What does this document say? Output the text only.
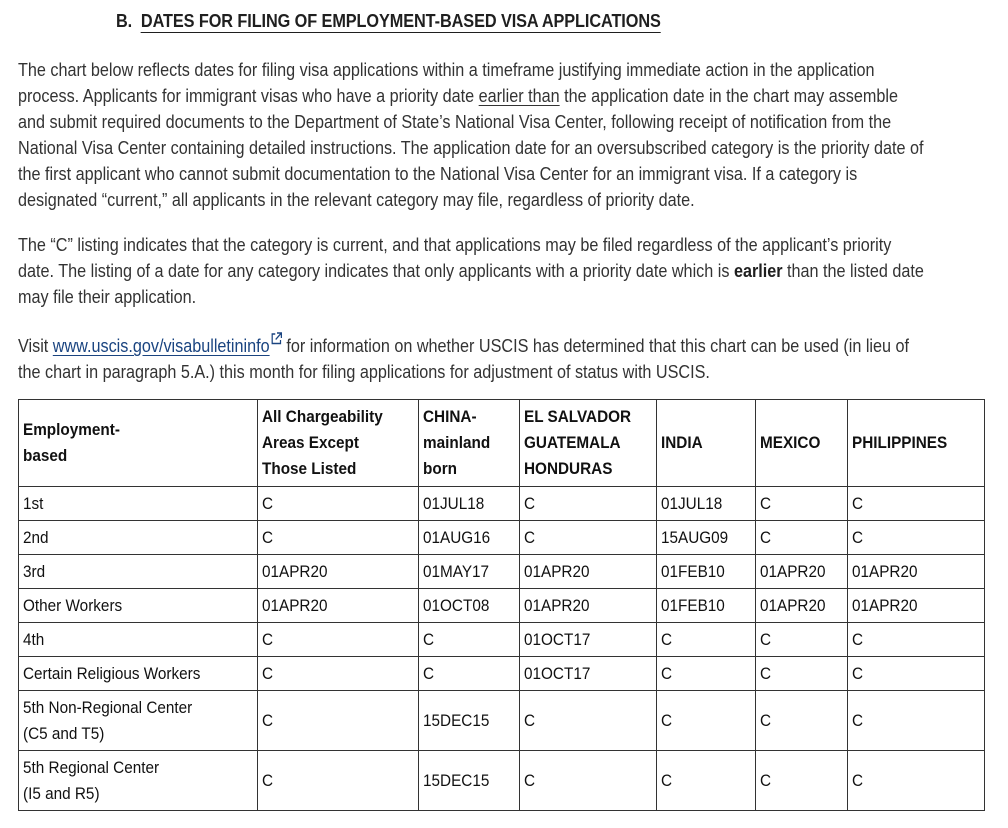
B. DATES FOR FILING OF EMPLOYMENT-BASED VISA APPLICATIONS

The chart below reflects dates for filing visa applications within a timeframe justifying immediate action in the application
process. Applicants for immigrant visas who have a priority date earlier than the application date in the chart may assemble
and submit required documents to the Department of State’s National Visa Center, following receipt of notification from the
National Visa Center containing detailed instructions. The application date for an oversubscribed category is the priority date of
the first applicant who cannot submit documentation to the National Visa Center for an immigrant visa. If a category is
designated “current,” all applicants in the relevant category may file, regardless of priority date.

The “C” listing indicates that the category is current, and that applications may be filed regardless of the applicant’s priority
date. The listing of a date for any category indicates that only applicants with a priority date which is earlier than the listed date
may file their application.

Visit www.uscis.gov/visabulletininfo for information on whether USCIS has determined that this chart can be used (in lieu of
the chart in paragraph 5.A.) this month for filing applications for adjustment of status with USCIS.

Employment-
based	All Chargeability
Areas Except
Those Listed	CHINA-
mainland
born	EL SALVADOR
GUATEMALA
HONDURAS	INDIA	MEXICO	PHILIPPINES
1st	C	01JUL18	C	01JUL18	C	C
2nd	C	01AUG16	C	15AUG09	C	C
3rd	01APR20	01MAY17	01APR20	01FEB10	01APR20	01APR20
Other Workers	01APR20	01OCT08	01APR20	01FEB10	01APR20	01APR20
4th	C	C	01OCT17	C	C	C
Certain Religious Workers	C	C	01OCT17	C	C	C
5th Non-Regional Center
(C5 and T5)	C	15DEC15	C	C	C	C
5th Regional Center
(I5 and R5)	C	15DEC15	C	C	C	C
